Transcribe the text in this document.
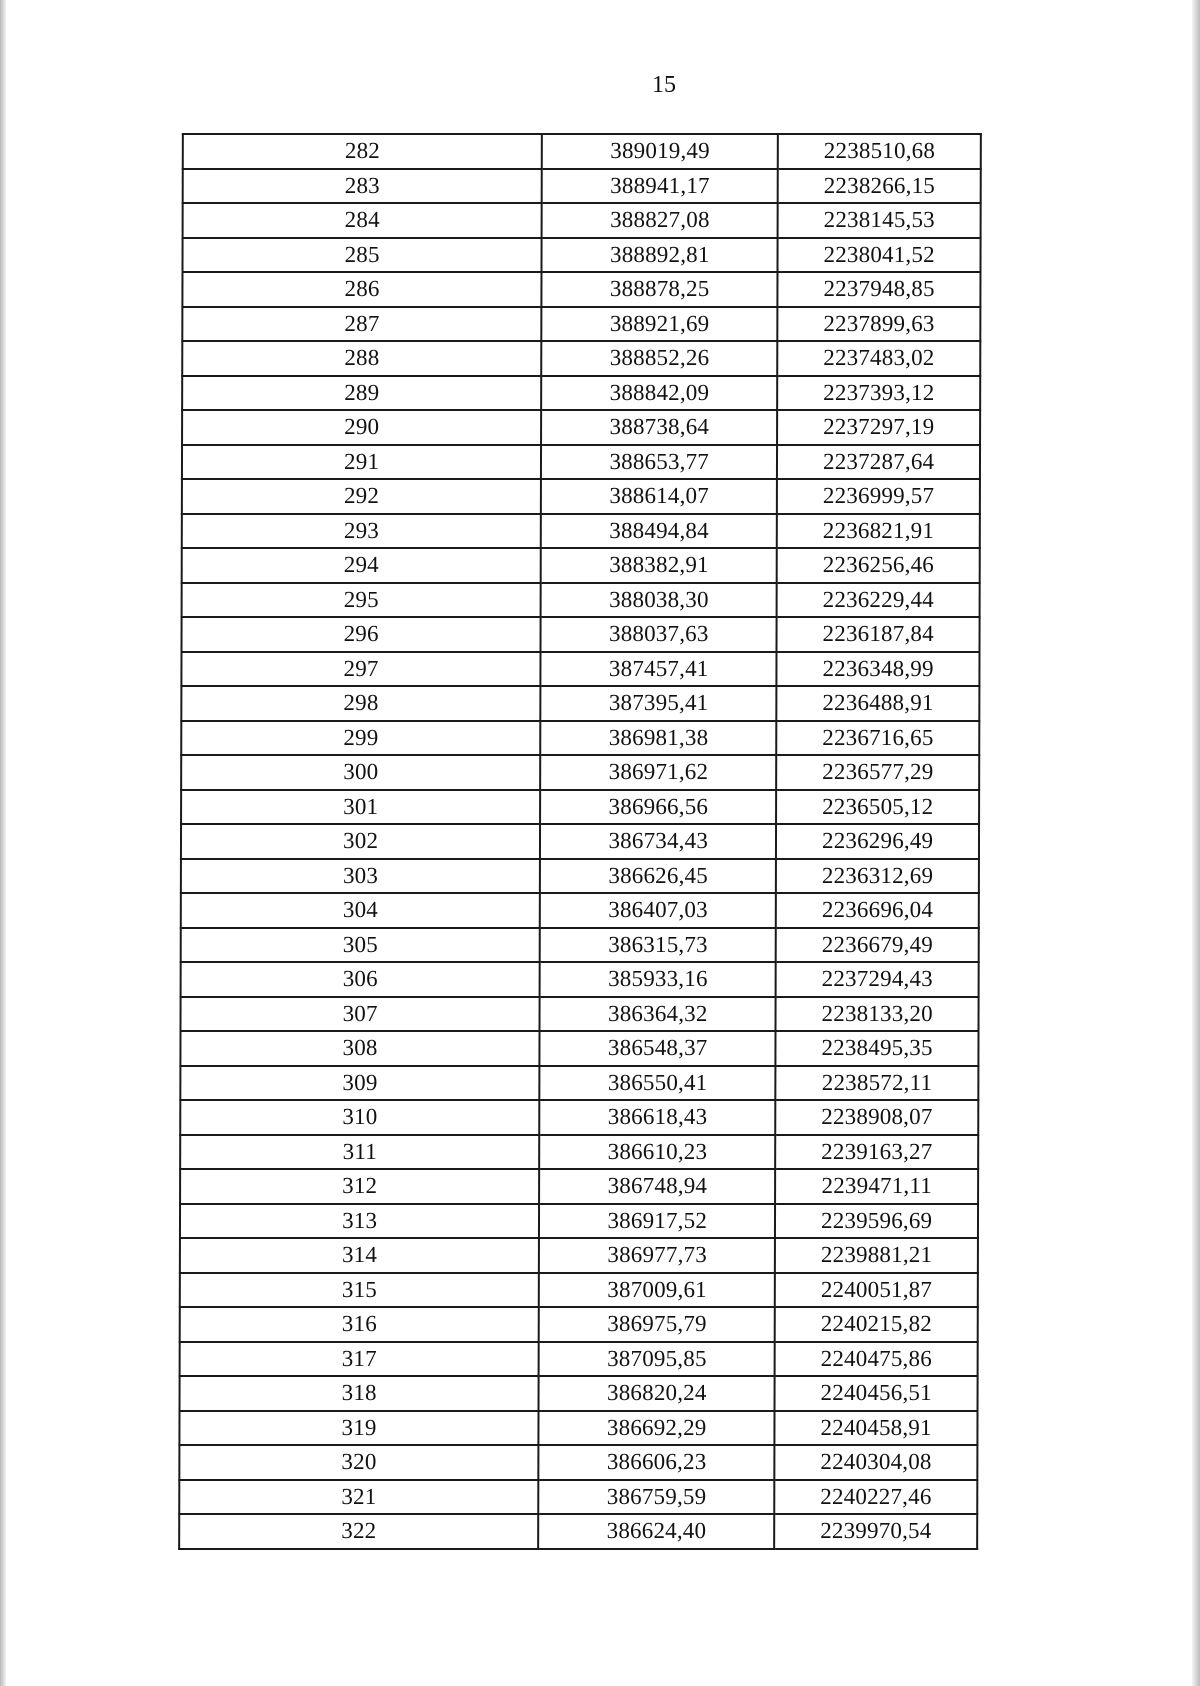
15
282	389019,49	2238510,68
283	388941,17	2238266,15
284	388827,08	2238145,53
285	388892,81	2238041,52
286	388878,25	2237948,85
287	388921,69	2237899,63
288	388852,26	2237483,02
289	388842,09	2237393,12
290	388738,64	2237297,19
291	388653,77	2237287,64
292	388614,07	2236999,57
293	388494,84	2236821,91
294	388382,91	2236256,46
295	388038,30	2236229,44
296	388037,63	2236187,84
297	387457,41	2236348,99
298	387395,41	2236488,91
299	386981,38	2236716,65
300	386971,62	2236577,29
301	386966,56	2236505,12
302	386734,43	2236296,49
303	386626,45	2236312,69
304	386407,03	2236696,04
305	386315,73	2236679,49
306	385933,16	2237294,43
307	386364,32	2238133,20
308	386548,37	2238495,35
309	386550,41	2238572,11
310	386618,43	2238908,07
311	386610,23	2239163,27
312	386748,94	2239471,11
313	386917,52	2239596,69
314	386977,73	2239881,21
315	387009,61	2240051,87
316	386975,79	2240215,82
317	387095,85	2240475,86
318	386820,24	2240456,51
319	386692,29	2240458,91
320	386606,23	2240304,08
321	386759,59	2240227,46
322	386624,40	2239970,54
